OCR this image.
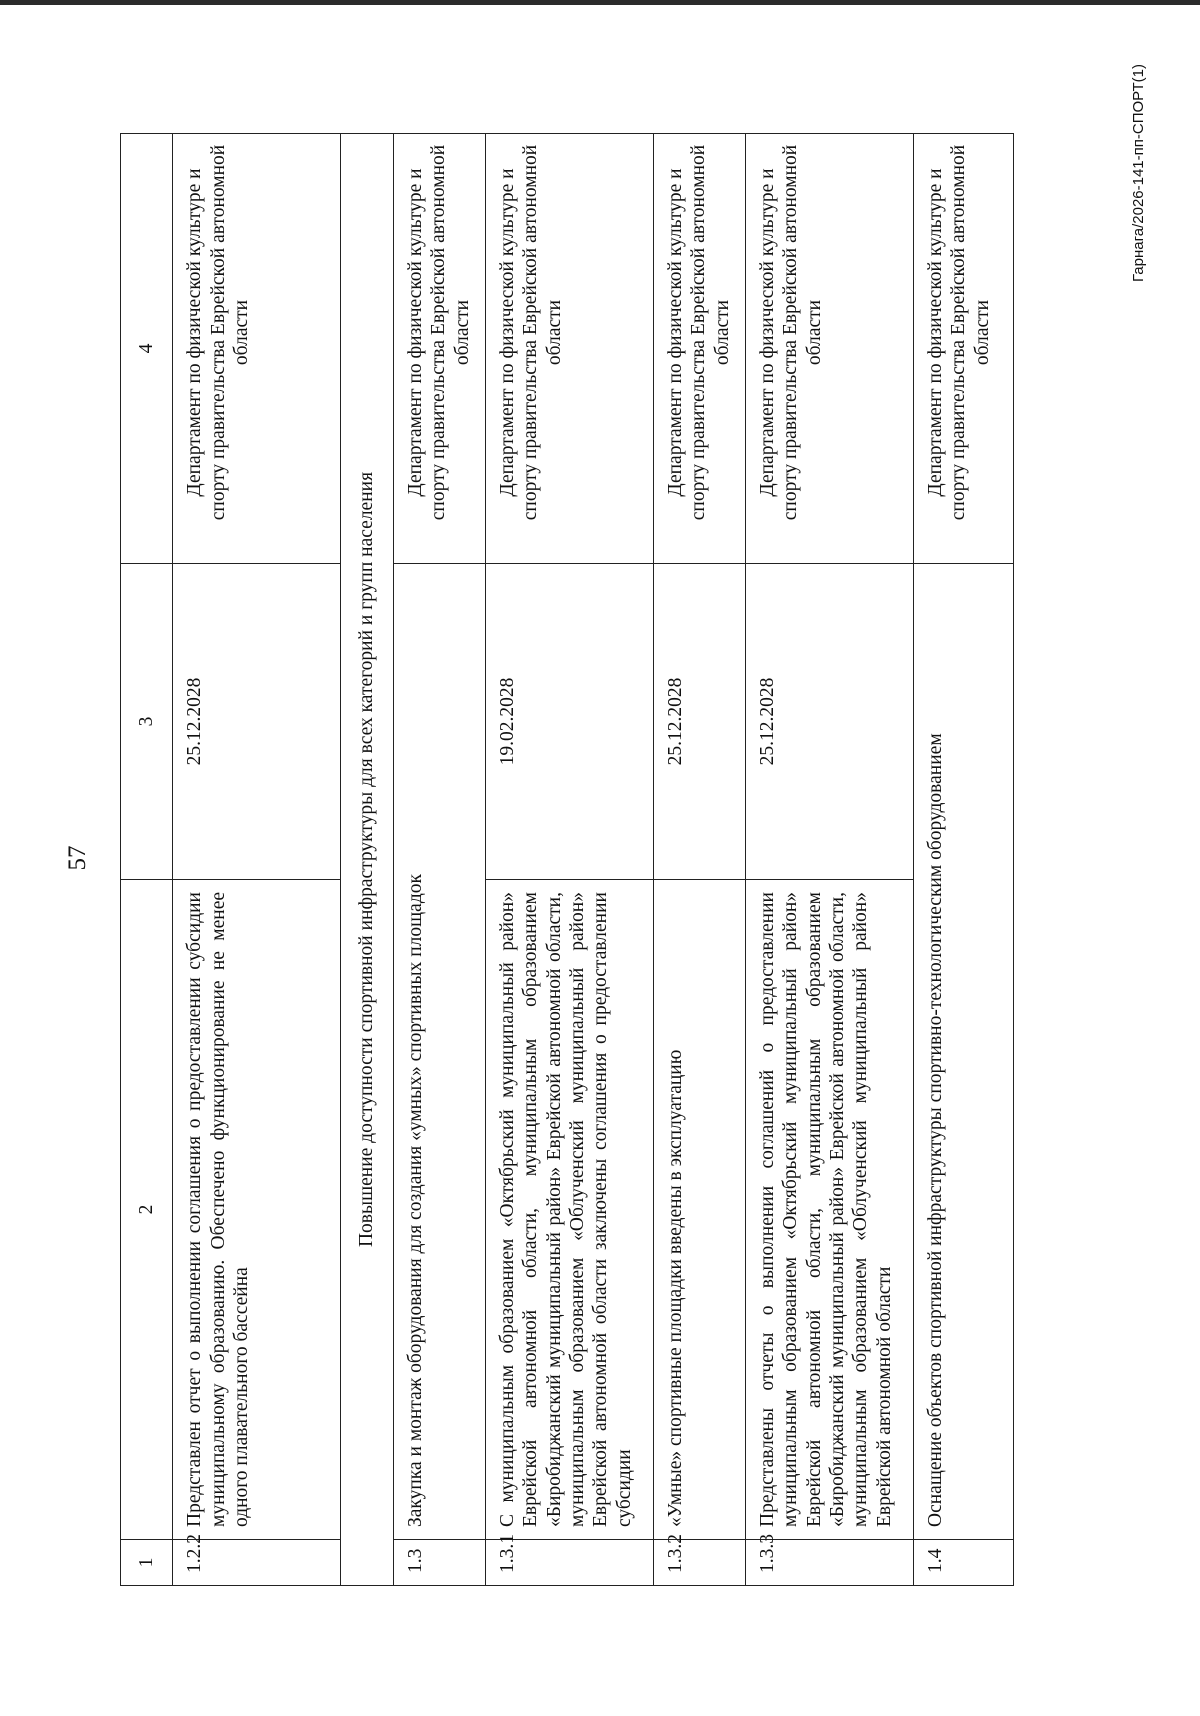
57
1	2	3	4
1.2.2	Представлен отчет о выполнении соглашения о предоставлении субсидии муниципальному образованию. Обеспечено функционирование не менее одного плавательного бассейна	25.12.2028	Департамент по физической культуре и спорту правительства Еврейской автономной области
Повышение доступности спортивной инфраструктуры для всех категорий и групп населения			
1.3	Закупка и монтаж оборудования для создания «умных» спортивных площадок		Департамент по физической культуре и спорту правительства Еврейской автономной области
1.3.1	С муниципальным образованием «Октябрьский муниципальный район» Еврейской автономной области, муниципальным образованием «Биробиджанский муниципальный район» Еврейской автономной области, муниципальным образованием «Облученский муниципальный район» Еврейской автономной области заключены соглашения о предоставлении субсидии	19.02.2028	Департамент по физической культуре и спорту правительства Еврейской автономной области
1.3.2	«Умные» спортивные площадки введены в эксплуатацию	25.12.2028	Департамент по физической культуре и спорту правительства Еврейской автономной области
1.3.3	Представлены отчеты о выполнении соглашений о предоставлении муниципальным образованием «Октябрьский муниципальный район» Еврейской автономной области, муниципальным образованием «Биробиджанский муниципальный район» Еврейской автономной области, муниципальным образованием «Облученский муниципальный район» Еврейской автономной области	25.12.2028	Департамент по физической культуре и спорту правительства Еврейской автономной области
1.4	Оснащение объектов спортивной инфраструктуры спортивно-технологическим оборудованием		Департамент по физической культуре и спорту правительства Еврейской автономной области
Гарнага/2026-141-пп-СПОРТ(1)
